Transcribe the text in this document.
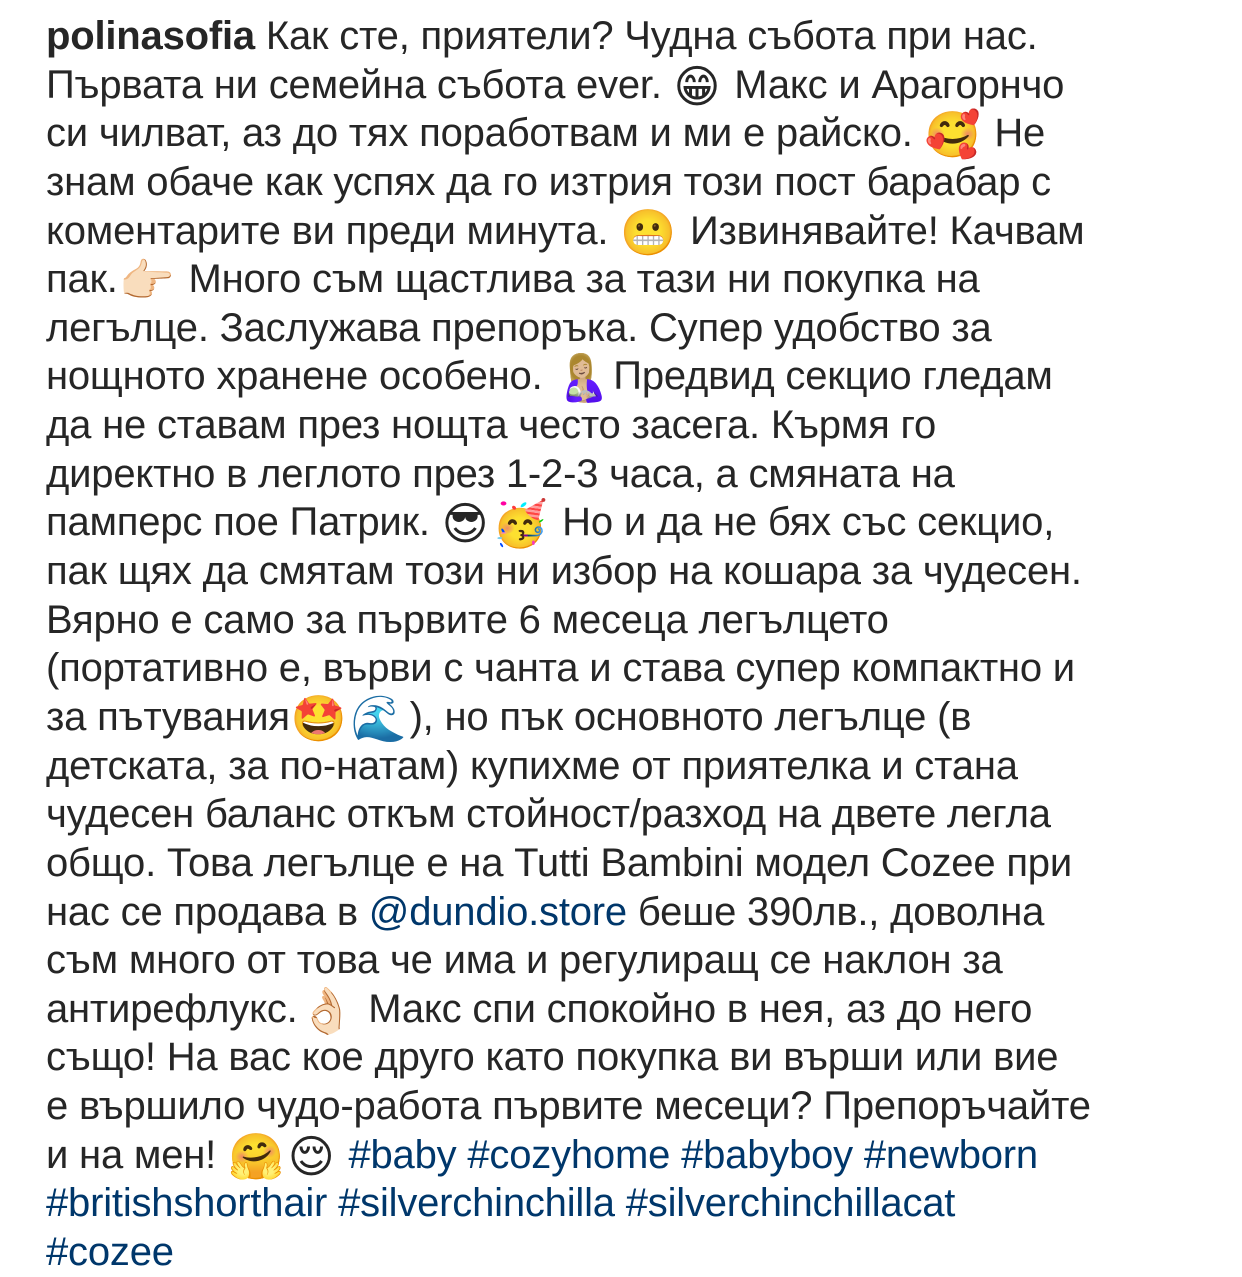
polinasofia Как сте, приятели? Чудна събота при нас.
Първата ни семейна събота ever. 😁 Макс и Арагорнчо
си чилват, аз до тях поработвам и ми е райско. 🥰 Не
знам обаче как успях да го изтрия този пост барабар с
коментарите ви преди минута. 😬 Извинявайте! Качвам
пак.👉🏻 Много съм щастлива за тази ни покупка на
легълце. Заслужава препоръка. Супер удобство за
нощното хранене особено. 🤱🏼Предвид секцио гледам
да не ставам през нощта често засега. Кърмя го
директно в леглото през 1-2-3 часа, а смяната на
памперс пое Патрик. 😎🥳 Но и да не бях със секцио,
пак щях да смятам този ни избор на кошара за чудесен.
Вярно е само за първите 6 месеца легълцето
(портативно е, върви с чанта и става супер компактно и
за пътувания🤩🌊), но пък основното легълце (в
детската, за по-натам) купихме от приятелка и стана
чудесен баланс откъм стойност/разход на двете легла
общо. Това легълце е на Tutti Bambini модел Cozee при
нас се продава в @dundio.store беше 390лв., доволна
съм много от това че има и регулиращ се наклон за
антирефлукс.👌🏻 Макс спи спокойно в нея, аз до него
също! На вас кое друго като покупка ви върши или вие
е вършило чудо-работа първите месеци? Препоръчайте
и на мен! 🤗😌 #baby #cozyhome #babyboy #newborn
#britishshorthair #silverchinchilla #silverchinchillacat
#cozee
